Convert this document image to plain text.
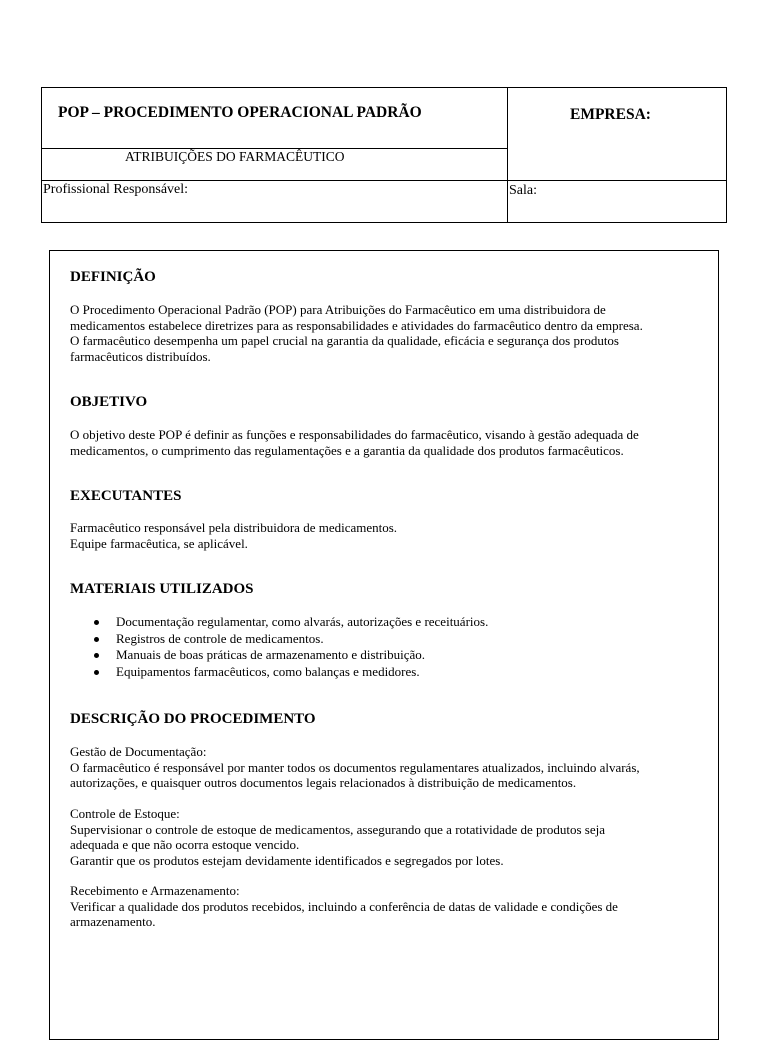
POP – PROCEDIMENTO OPERACIONAL PADRÃO	EMPRESA:
ATRIBUIÇÕES DO FARMACÊUTICO
Profissional Responsável:	Sala:
DEFINIÇÃO
O Procedimento Operacional Padrão (POP) para Atribuições do Farmacêutico em uma distribuidora de
medicamentos estabelece diretrizes para as responsabilidades e atividades do farmacêutico dentro da empresa.
O farmacêutico desempenha um papel crucial na garantia da qualidade, eficácia e segurança dos produtos
farmacêuticos distribuídos.
OBJETIVO
O objetivo deste POP é definir as funções e responsabilidades do farmacêutico, visando à gestão adequada de
medicamentos, o cumprimento das regulamentações e a garantia da qualidade dos produtos farmacêuticos.
EXECUTANTES
Farmacêutico responsável pela distribuidora de medicamentos.
Equipe farmacêutica, se aplicável.
MATERIAIS UTILIZADOS
Documentação regulamentar, como alvarás, autorizações e receituários.
Registros de controle de medicamentos.
Manuais de boas práticas de armazenamento e distribuição.
Equipamentos farmacêuticos, como balanças e medidores.
DESCRIÇÃO DO PROCEDIMENTO
Gestão de Documentação:
O farmacêutico é responsável por manter todos os documentos regulamentares atualizados, incluindo alvarás,
autorizações, e quaisquer outros documentos legais relacionados à distribuição de medicamentos.
Controle de Estoque:
Supervisionar o controle de estoque de medicamentos, assegurando que a rotatividade de produtos seja
adequada e que não ocorra estoque vencido.
Garantir que os produtos estejam devidamente identificados e segregados por lotes.
Recebimento e Armazenamento:
Verificar a qualidade dos produtos recebidos, incluindo a conferência de datas de validade e condições de
armazenamento.
